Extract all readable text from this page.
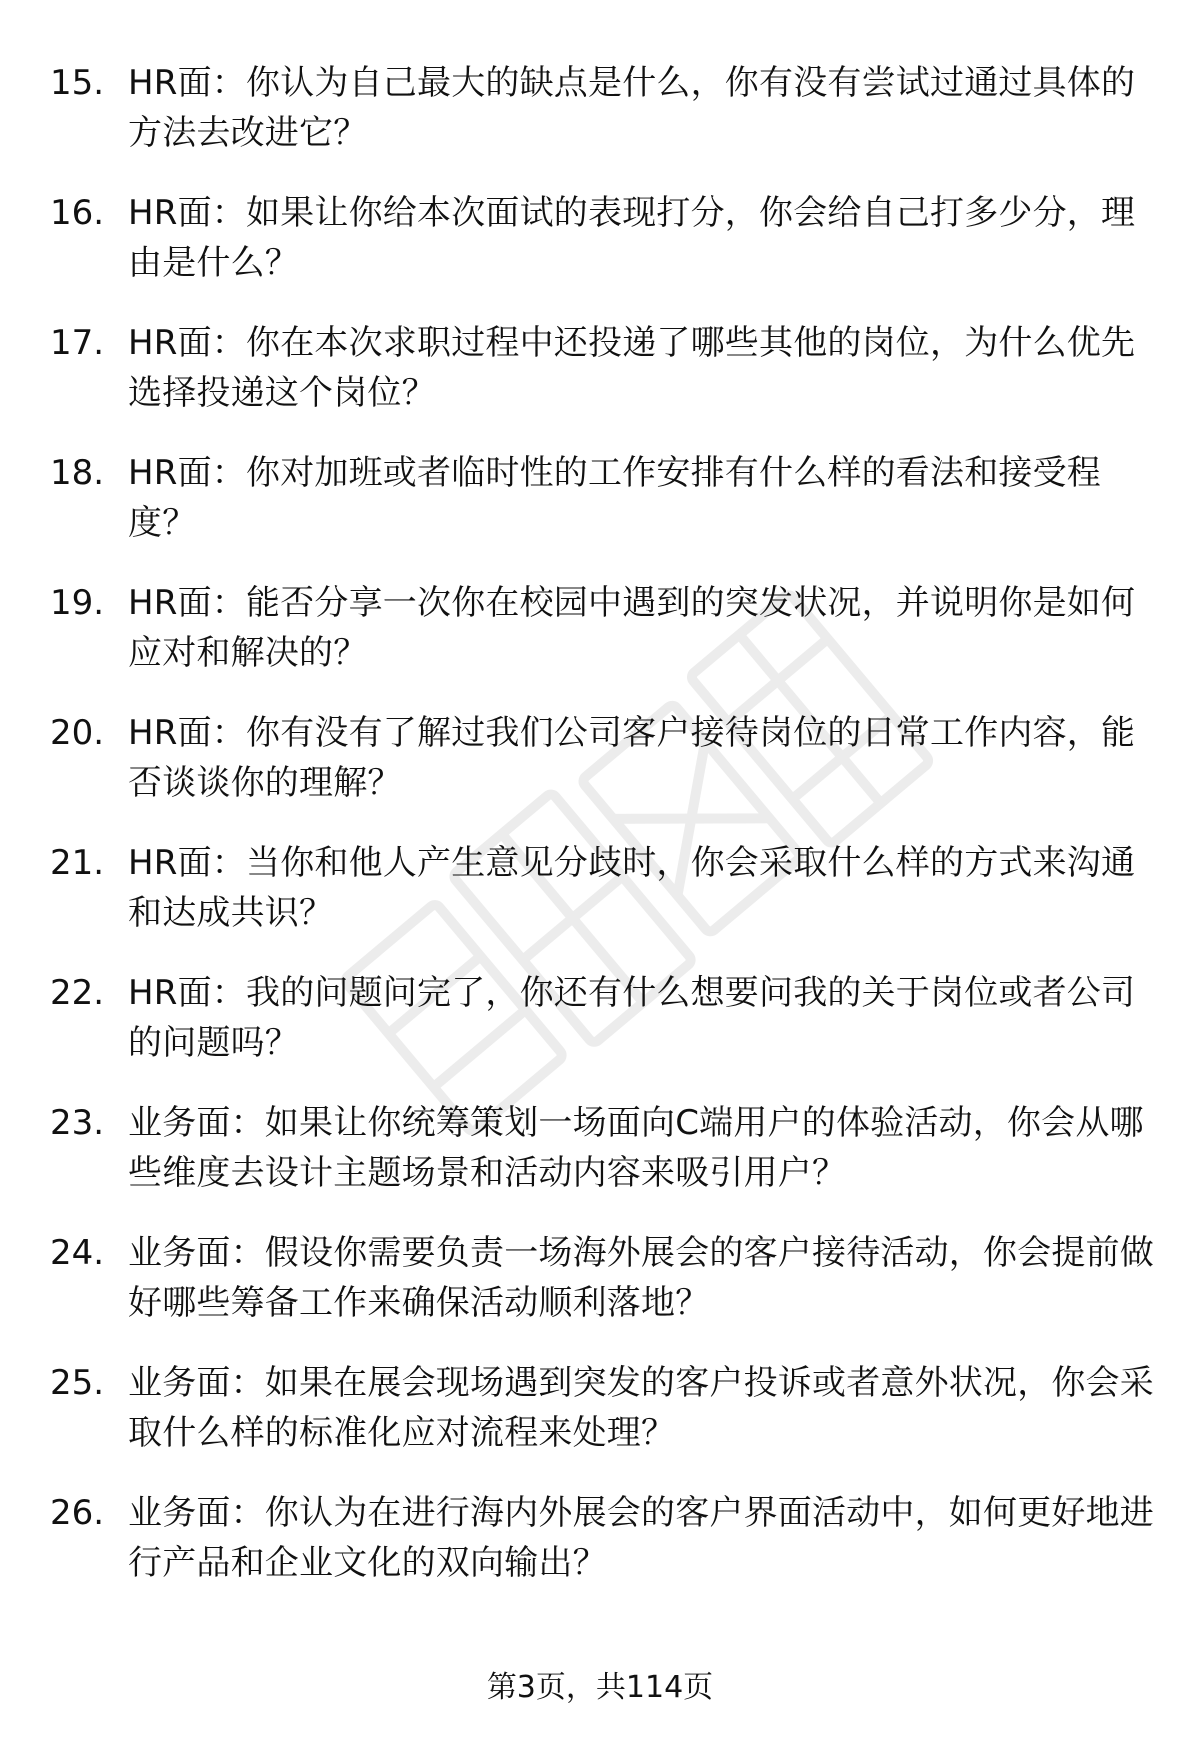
15. HR面：你认为自己最大的缺点是什么，你有没有尝试过通过具体的方法去改进它？
16. HR面：如果让你给本次面试的表现打分，你会给自己打多少分，理由是什么？
17. HR面：你在本次求职过程中还投递了哪些其他的岗位，为什么优先选择投递这个岗位？
18. HR面：你对加班或者临时性的工作安排有什么样的看法和接受程度？
19. HR面：能否分享一次你在校园中遇到的突发状况，并说明你是如何应对和解决的？
20. HR面：你有没有了解过我们公司客户接待岗位的日常工作内容，能否谈谈你的理解？
21. HR面：当你和他人产生意见分歧时，你会采取什么样的方式来沟通和达成共识？
22. HR面：我的问题问完了，你还有什么想要问我的关于岗位或者公司的问题吗？
23. 业务面：如果让你统筹策划一场面向C端用户的体验活动，你会从哪些维度去设计主题场景和活动内容来吸引用户？
24. 业务面：假设你需要负责一场海外展会的客户接待活动，你会提前做好哪些筹备工作来确保活动顺利落地？
25. 业务面：如果在展会现场遇到突发的客户投诉或者意外状况，你会采取什么样的标准化应对流程来处理？
26. 业务面：你认为在进行海内外展会的客户界面活动中，如何更好地进行产品和企业文化的双向输出？
第3页，共114页
